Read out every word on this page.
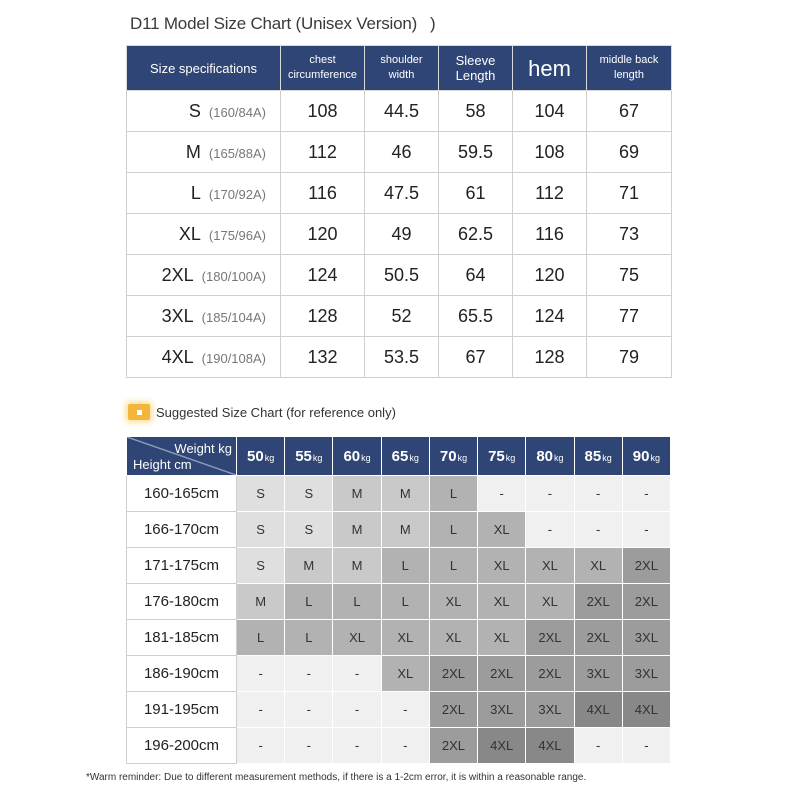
D11 Model Size Chart (Unisex Version) )
Size specifications	chest circumference	shoulder width	Sleeve Length	hem	middle back length
S (160/84A)	108	44.5	58	104	67
M (165/88A)	112	46	59.5	108	69
L (170/92A)	116	47.5	61	112	71
XL (175/96A)	120	49	62.5	116	73
2XL (180/100A)	124	50.5	64	120	75
3XL (185/104A)	128	52	65.5	124	77
4XL (190/108A)	132	53.5	67	128	79
Suggested Size Chart (for reference only)
Weight kg
Height cm	50kg	55kg	60kg	65kg	70kg	75kg	80kg	85kg	90kg
160-165cm	S	S	M	M	L	-	-	-	-
166-170cm	S	S	M	M	L	XL	-	-	-
171-175cm	S	M	M	L	L	XL	XL	XL	2XL
176-180cm	M	L	L	L	XL	XL	XL	2XL	2XL
181-185cm	L	L	XL	XL	XL	XL	2XL	2XL	3XL
186-190cm	-	-	-	XL	2XL	2XL	2XL	3XL	3XL
191-195cm	-	-	-	-	2XL	3XL	3XL	4XL	4XL
196-200cm	-	-	-	-	2XL	4XL	4XL	-	-
*Warm reminder: Due to different measurement methods, if there is a 1-2cm error, it is within a reasonable range.
